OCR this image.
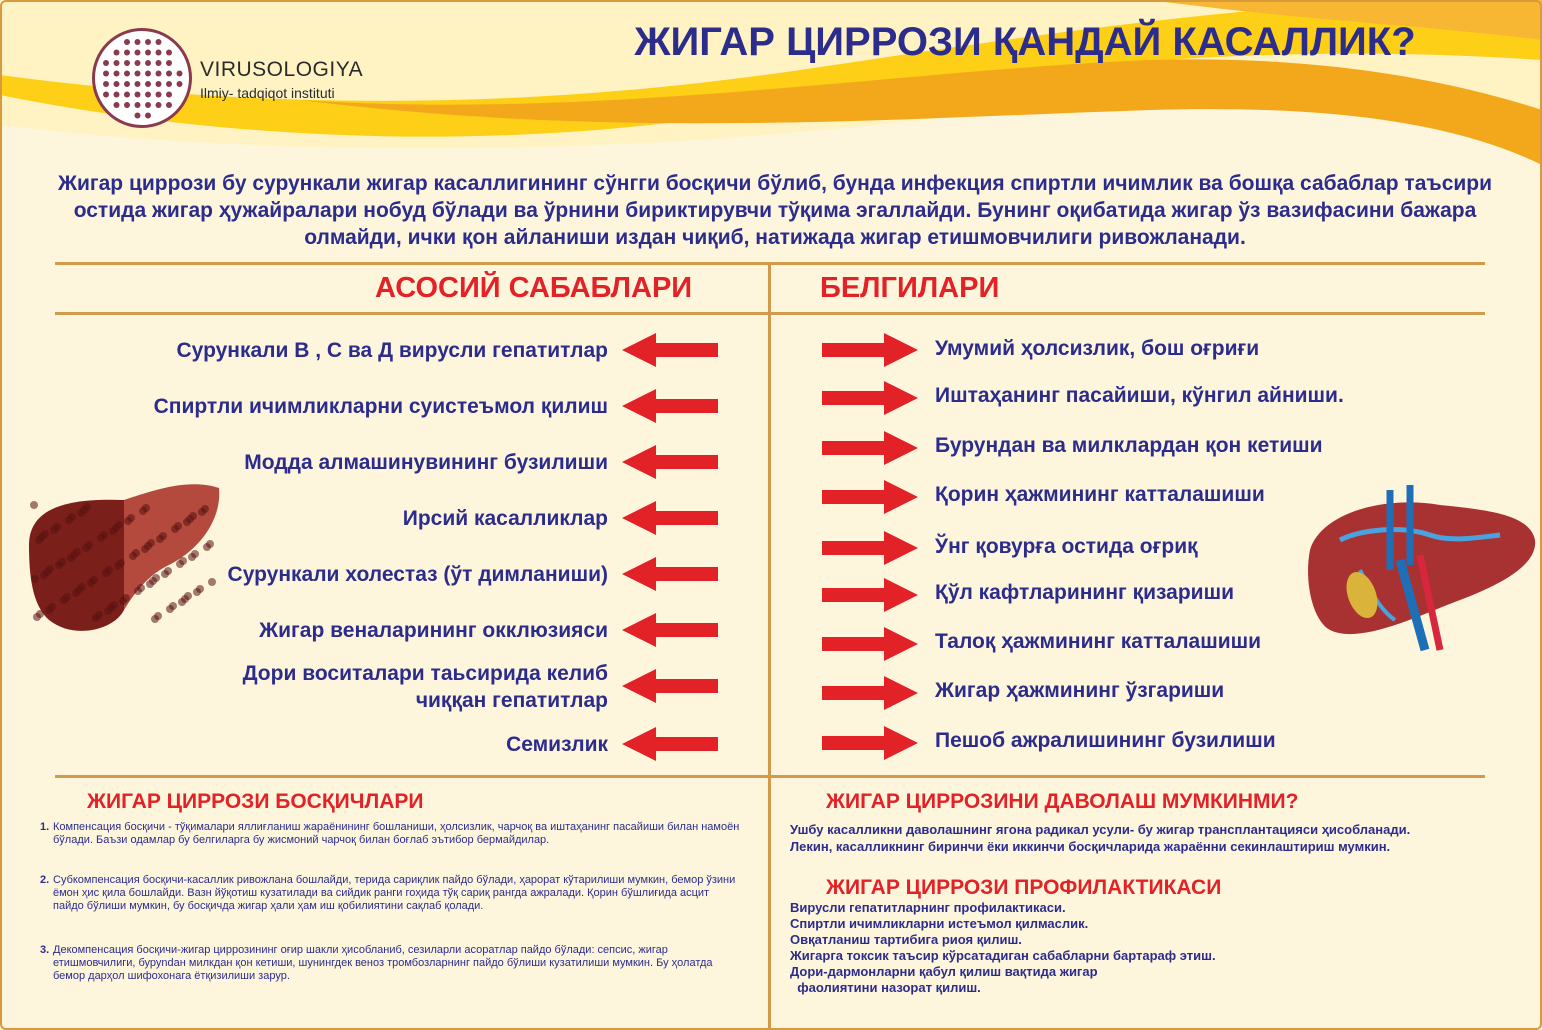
VIRUSOLOGIYA
Ilmiy- tadqiqot instituti
ЖИГАР ЦИРРОЗИ ҚАНДАЙ КАСАЛЛИК?
Жигар циррози бу сурункали жигар касаллигининг сўнгги босқичи бўлиб, бунда инфекция спиртли ичимлик ва бошқа сабаблар таъсири остида жигар ҳужайралари нобуд бўлади ва ўрнини бириктирувчи тўқима эгаллайди. Бунинг оқибатида жигар ўз вазифасини бажара олмайди, ички қон айланиши издан чиқиб, натижада жигар етишмовчилиги ривожланади.
АСОСИЙ САБАБЛАРИ	БЕЛГИЛАРИ
Сурункали В , С ва Д вирусли гепатитлар
Спиртли ичимликларни суистеъмол қилиш
Модда алмашинувининг бузилиши
Ирсий касалликлар
Сурункали холестаз (ўт димланиши)
Жигар веналарининг окклюзияси
Дори воситалари таьсирида келиб чиққан гепатитлар
Семизлик
Умумий ҳолсизлик, бош оғриғи
Иштаҳанинг пасайиши, кўнгил айниши.
Бурундан ва милклардан қон кетиши
Қорин ҳажмининг катталашиши
Ўнг қовурға остида оғриқ
Қўл кафтларининг қизариши
Талоқ ҳажмининг катталашиши
Жигар ҳажмининг ўзгариши
Пешоб ажралишининг бузилиши
ЖИГАР ЦИРРОЗИ БОСҚИЧЛАРИ
1. Компенсация босқичи - тўқималари яллиғланиш жараёнининг бошланиши, ҳолсизлик, чарчоқ ва иштаҳанинг пасайиши билан намоён бўлади. Баъзи одамлар бу белгиларга бу жисмоний чарчоқ билан боғлаб эътибор бермайдилар.
2. Субкомпенсация босқичи-касаллик ривожлана бошлайди, терида сариқлик пайдо бўлади, ҳарорат кўтарилиши мумкин, бемор ўзини ёмон ҳис қила бошлайди. Вазн йўқотиш кузатилади ва сийдик ранги гоҳида тўқ сариқ рангда ажралади. Қорин бўшлиғида асцит пайдо бўлиши мумкин, бу босқичда жигар ҳали ҳам иш қобилиятини сақлаб қолади.
3. Декомпенсация босқичи-жигар циррозининг оғир шакли ҳисобланиб, сезиларли асоратлар пайдо бўлади: сепсис, жигар етишмовчилиги, буруndан милкдан қон кетиши, шунингдек веноз тромбозларнинг пайдо бўлиши кузатилиши мумкин. Бу ҳолатда бемор дарҳол шифохонага ётқизилиши зарур.
ЖИГАР ЦИРРОЗИНИ ДАВОЛАШ МУМКИНМИ?
Ушбу касалликни даволашнинг ягона радикал усули- бу жигар трансплантацияси ҳисобланади. Лекин, касалликнинг биринчи ёки иккинчи босқичларида жараённи секинлаштириш мумкин.
ЖИГАР ЦИРРОЗИ ПРОФИЛАКТИКАСИ
Вирусли гепатитларнинг профилактикаси.
Спиртли ичимликларни истеъмол қилмаслик.
Овқатланиш тартибига риоя қилиш.
Жигарга токсик таъсир кўрсатадиган сабабларни бартараф этиш.
Дори-дармонларни қабул қилиш вақтида жигар
фаолиятини назорат қилиш.
